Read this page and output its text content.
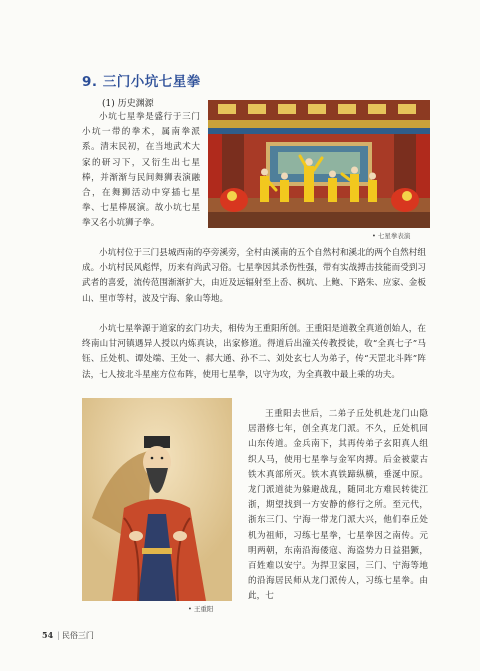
9. 三门小坑七星拳
(1) 历史渊源

小坑七星拳是盛行于三门小坑一带的拳术，属南拳派系。清末民初，在当地武术大家的研习下，又衍生出七星棒，并渐渐与民间舞狮表演融合，在舞狮活动中穿插七星拳、七星棒展演。故小坑七星拳又名小坑狮子拳。

• 七星拳表演

小坑村位于三门县城西南的亭旁溪旁，全村由溪南的五个自然村和溪北的两个自然村组成。小坑村民风彪悍，历来有尚武习俗。七星拳因其杀伤性强，带有实战搏击技能而受到习武者的喜爱，流传范围渐渐扩大，由近及远辐射至上岙、枫坑、上鲍、下路朱、应家、金板山、里市等村，波及宁海、象山等地。

小坑七星拳源于道家的玄门功夫，相传为王重阳所创。王重阳是道教全真道创始人，在终南山甘河镇遇异人授以内炼真诀，出家修道。得道后出潼关传教授徒，收“全真七子”马钰、丘处机、谭处端、王处一、郝大通、孙不二、刘处玄七人为弟子，传“天罡北斗阵”阵法，七人按北斗星座方位布阵，使用七星拳，以守为攻，为全真教中最上乘的功夫。

• 王重阳

王重阳去世后，二弟子丘处机赴龙门山隐居潜修七年，创全真龙门派。不久，丘处机回山东传道。金兵南下，其再传弟子玄阳真人组织人马，使用七星拳与金军肉搏。后金被蒙古铁木真部所灭。铁木真铁蹄纵横，垂涎中原。龙门派道徒为躲避战乱，随同北方难民转徙江浙，期望找到一方安静的修行之所。至元代，浙东三门、宁海一带龙门派大兴，他们奉丘处机为祖师，习练七星拳，七星拳因之南传。元明两朝，东南沿海倭寇、海盗势力日益猖獗，百姓难以安宁。为捍卫家园，三门、宁海等地的沿海居民师从龙门派传人，习练七星拳。由此，七

54 | 民俗三门
